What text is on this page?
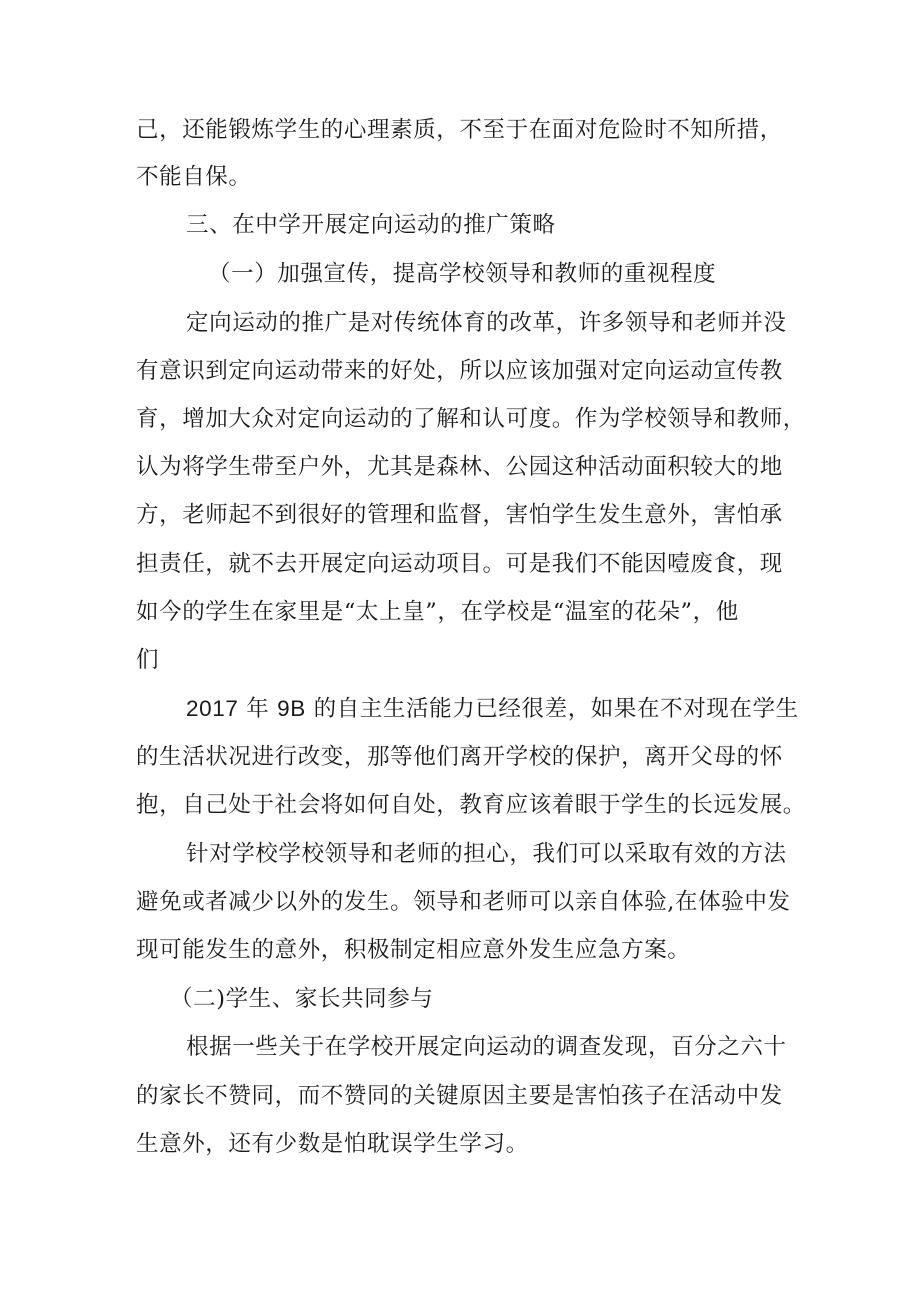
己，还能锻炼学生的心理素质，不至于在面对危险时不知所措，
不能自保。
三、在中学开展定向运动的推广策略
（一）加强宣传，提高学校领导和教师的重视程度
定向运动的推广是对传统体育的改革，许多领导和老师并没
有意识到定向运动带来的好处，所以应该加强对定向运动宣传教
育，增加大众对定向运动的了解和认可度。作为学校领导和教师，
认为将学生带至户外，尤其是森林、公园这种活动面积较大的地
方，老师起不到很好的管理和监督，害怕学生发生意外，害怕承
担责任，就不去开展定向运动项目。可是我们不能因噎废食，现
如今的学生在家里是“太上皇”，在学校是“温室的花朵”，他
们
2017 年 9B 的自主生活能力已经很差，如果在不对现在学生
的生活状况进行改变，那等他们离开学校的保护，离开父母的怀
抱，自己处于社会将如何自处，教育应该着眼于学生的长远发展。
针对学校学校领导和老师的担心，我们可以采取有效的方法
避免或者减少以外的发生。领导和老师可以亲自体验,在体验中发
现可能发生的意外，积极制定相应意外发生应急方案。
（二)学生、家长共同参与
根据一些关于在学校开展定向运动的调查发现，百分之六十
的家长不赞同，而不赞同的关键原因主要是害怕孩子在活动中发
生意外，还有少数是怕耽误学生学习。
